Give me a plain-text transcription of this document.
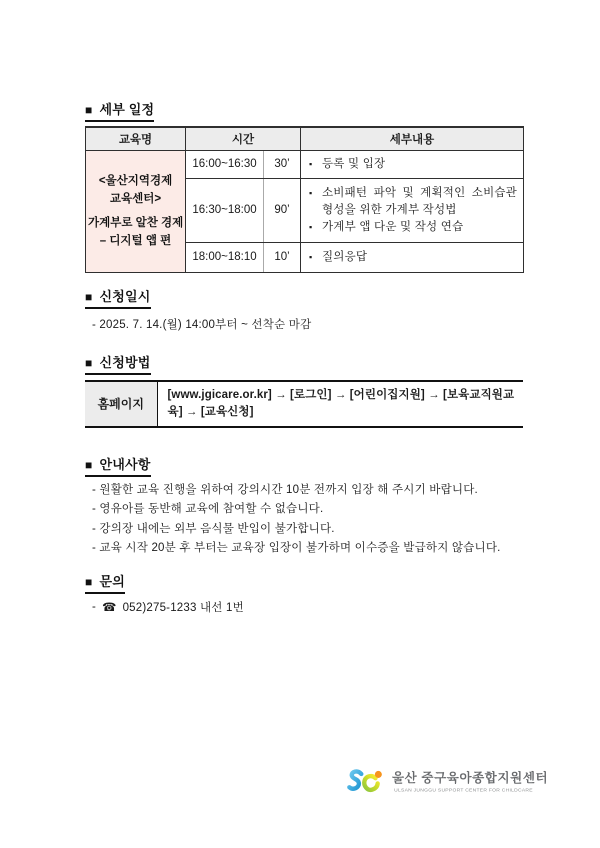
■ 세부 일정
교육명	시간		세부내용

<울산지역경제
교육센터>
가계부로 알찬 경제
– 디지털 앱 편
	16:00~16:30	30’	▪ 등록 및 입장

	16:30~18:00	90’	▪ 소비패턴 파악 및 계획적인 소비습관 형성을 위한 가계부 작성법
▪ 가계부 앱 다운 및 작성 연습

	18:00~18:10	10’	▪ 질의응답
■ 신청일시
- 2025. 7. 14.(월) 14:00부터 ~ 선착순 마감
■ 신청방법
홈페이지	[www.jgicare.or.kr] → [로그인] → [어린이집지원] → [보육교직원교육] → [교육신청]
■ 안내사항
- 원활한 교육 진행을 위하여 강의시간 10분 전까지 입장 해 주시기 바랍니다.
- 영유아를 동반해 교육에 참여할 수 없습니다.
- 강의장 내에는 외부 음식물 반입이 불가합니다.
- 교육 시작 20분 후 부터는 교육장 입장이 불가하며 이수증을 발급하지 않습니다.
■ 문의
- ☎ 052)275-1233 내선 1번
울산 중구육아종합지원센터
ULSAN JUNGGU SUPPORT CENTER FOR CHILDCARE
